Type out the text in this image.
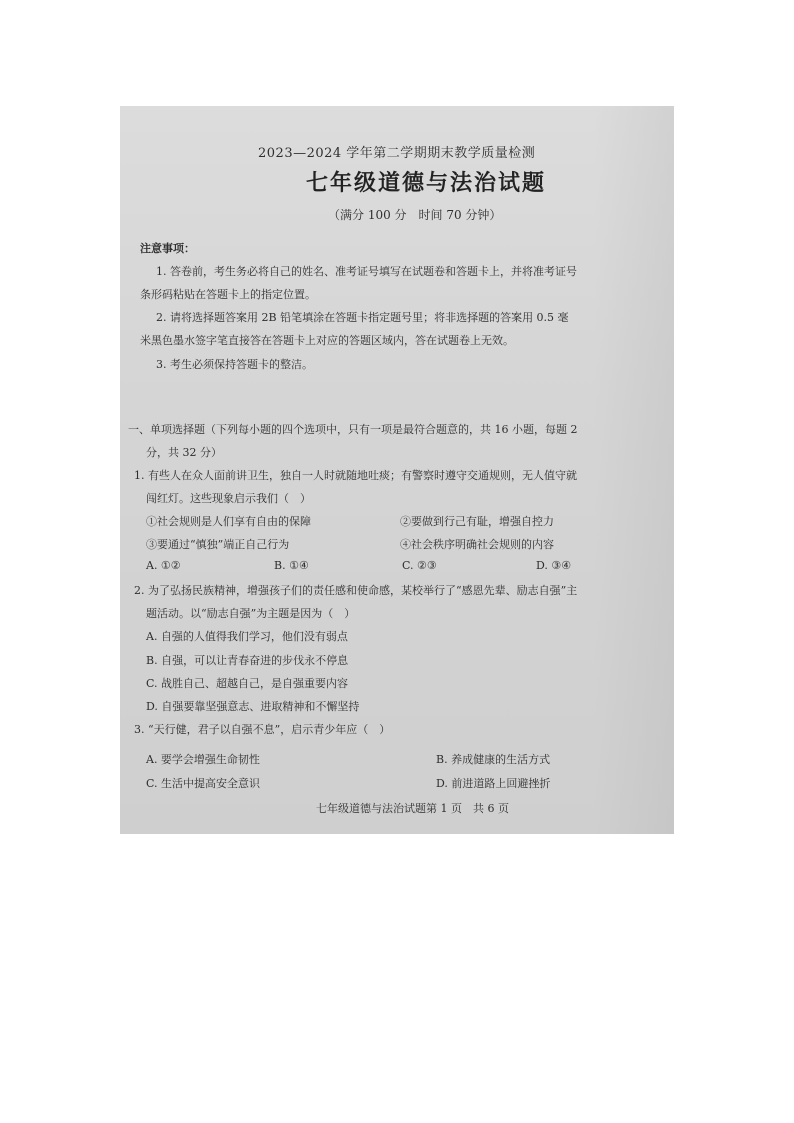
2023—2024 学年第二学期期末教学质量检测
七年级道德与法治试题
（满分 100 分　时间 70 分钟）
注意事项：
1. 答卷前，考生务必将自己的姓名、准考证号填写在试题卷和答题卡上，并将准考证号
条形码粘贴在答题卡上的指定位置。
2. 请将选择题答案用 2B 铅笔填涂在答题卡指定题号里；将非选择题的答案用 0.5 毫
米黑色墨水签字笔直接答在答题卡上对应的答题区域内，答在试题卷上无效。
3. 考生必须保持答题卡的整洁。
一、单项选择题（下列每小题的四个选项中，只有一项是最符合题意的，共 16 小题，每题 2
分，共 32 分）
1. 有些人在众人面前讲卫生，独自一人时就随地吐痰；有警察时遵守交通规则，无人值守就
闯红灯。这些现象启示我们（　）
①社会规则是人们享有自由的保障	②要做到行己有耻，增强自控力
③要通过“慎独”端正自己行为	④社会秩序明确社会规则的内容
A. ①②	B. ①④	C. ②③	D. ③④
2. 为了弘扬民族精神，增强孩子们的责任感和使命感，某校举行了“感恩先辈、励志自强”主
题活动。以“励志自强”为主题是因为（　）
A. 自强的人值得我们学习，他们没有弱点
B. 自强，可以让青春奋进的步伐永不停息
C. 战胜自己、超越自己，是自强重要内容
D. 自强要靠坚强意志、进取精神和不懈坚持
3. “天行健，君子以自强不息”，启示青少年应（　）
A. 要学会增强生命韧性	B. 养成健康的生活方式
C. 生活中提高安全意识	D. 前进道路上回避挫折
七年级道德与法治试题第 1 页　共 6 页
